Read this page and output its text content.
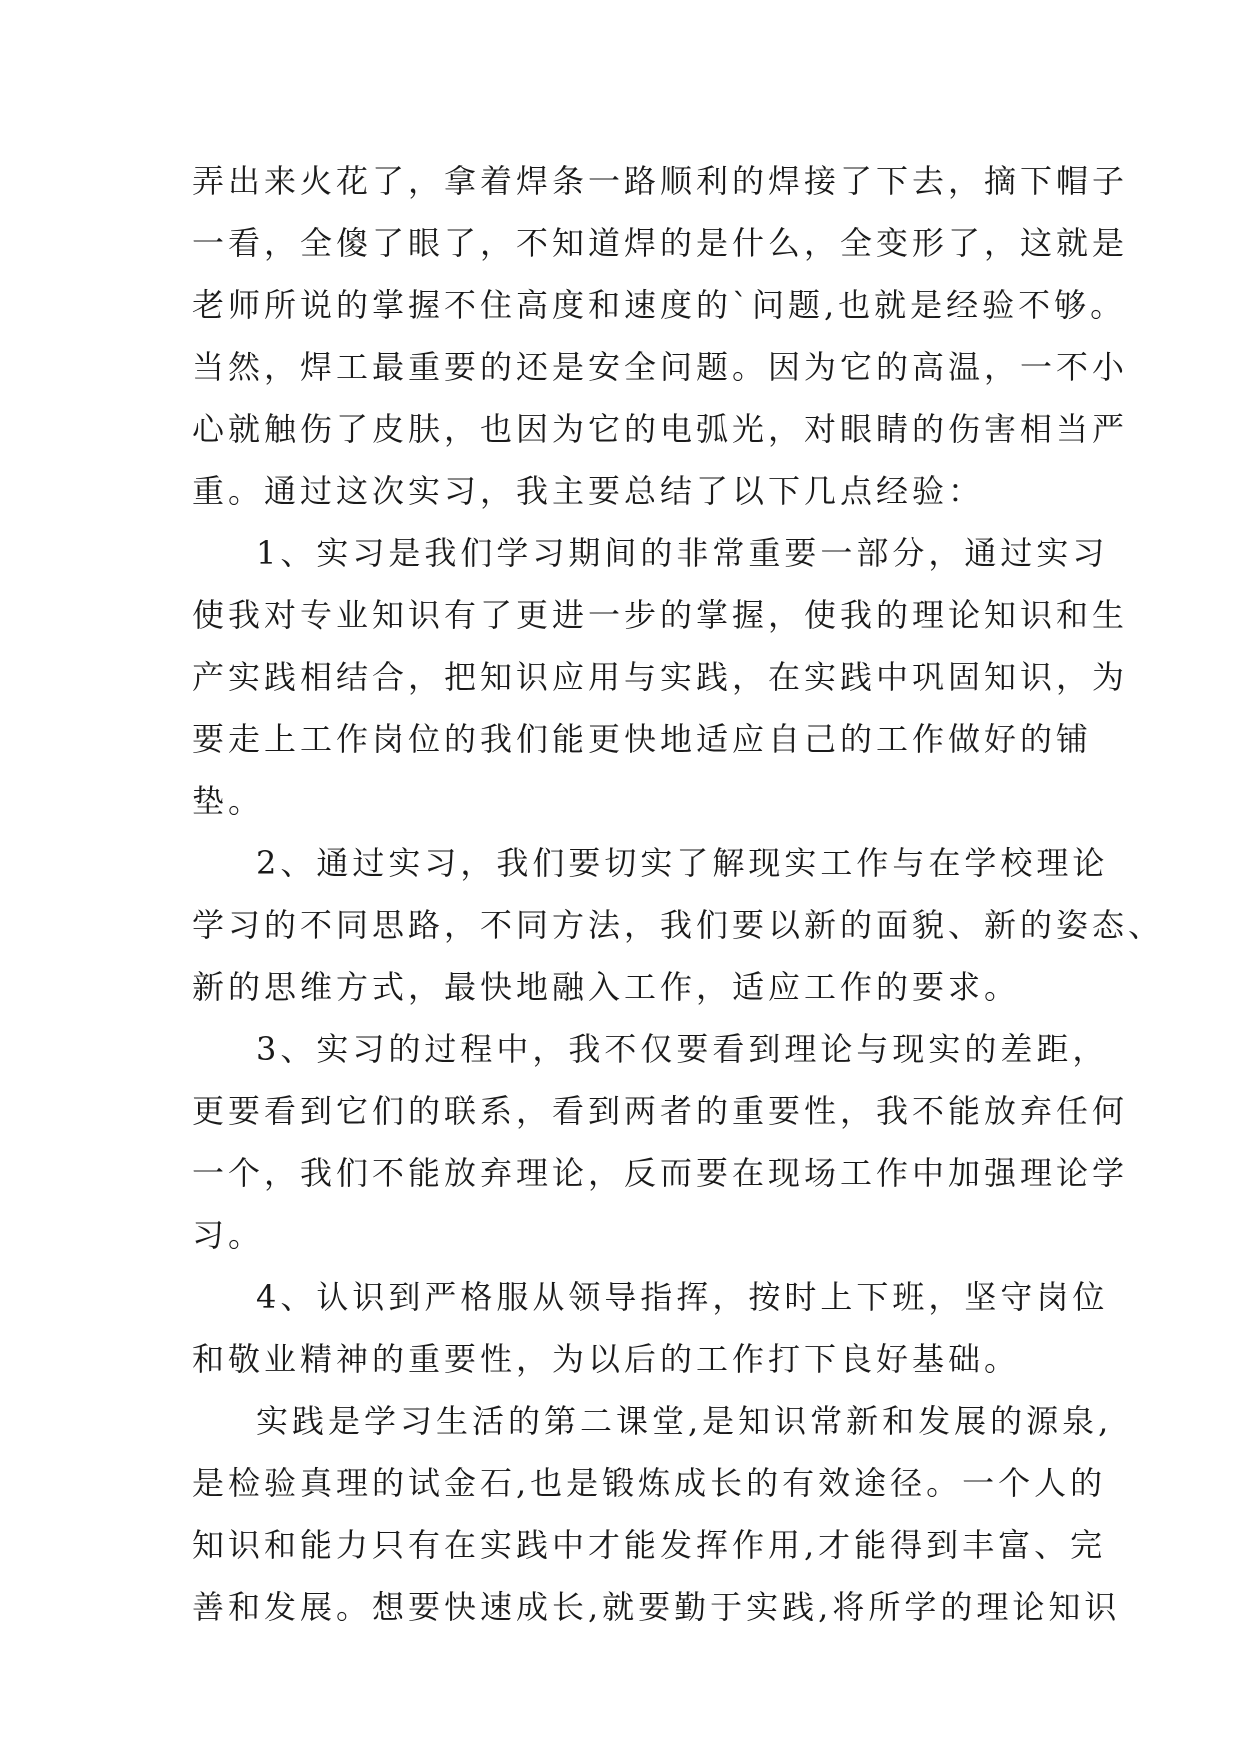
弄出来火花了，拿着焊条一路顺利的焊接了下去，摘下帽子
一看，全傻了眼了，不知道焊的是什么，全变形了，这就是
老师所说的掌握不住高度和速度的`问题,也就是经验不够。
当然，焊工最重要的还是安全问题。因为它的高温，一不小
心就触伤了皮肤，也因为它的电弧光，对眼睛的伤害相当严
重。通过这次实习，我主要总结了以下几点经验：
1、实习是我们学习期间的非常重要一部分，通过实习
使我对专业知识有了更进一步的掌握，使我的理论知识和生
产实践相结合，把知识应用与实践，在实践中巩固知识，为
要走上工作岗位的我们能更快地适应自己的工作做好的铺
垫。
2、通过实习，我们要切实了解现实工作与在学校理论
学习的不同思路，不同方法，我们要以新的面貌、新的姿态、
新的思维方式，最快地融入工作，适应工作的要求。
3、实习的过程中，我不仅要看到理论与现实的差距，
更要看到它们的联系，看到两者的重要性，我不能放弃任何
一个，我们不能放弃理论，反而要在现场工作中加强理论学
习。
4、认识到严格服从领导指挥，按时上下班，坚守岗位
和敬业精神的重要性，为以后的工作打下良好基础。
实践是学习生活的第二课堂,是知识常新和发展的源泉,
是检验真理的试金石,也是锻炼成长的有效途径。一个人的
知识和能力只有在实践中才能发挥作用,才能得到丰富、完
善和发展。想要快速成长,就要勤于实践,将所学的理论知识
